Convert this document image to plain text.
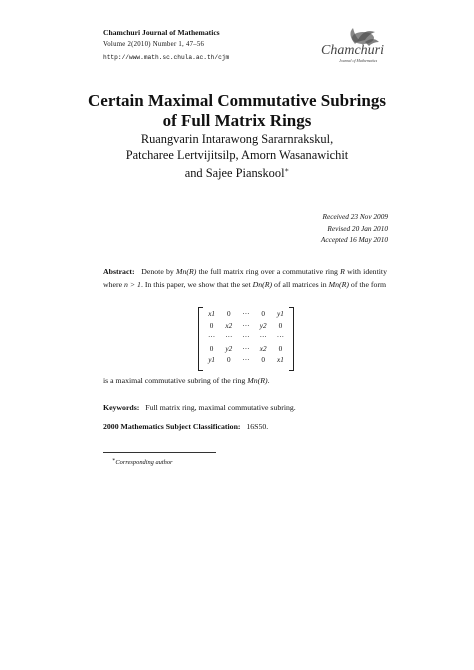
Chamchuri Journal of Mathematics
Volume 2(2010) Number 1, 47–56
http://www.math.sc.chula.ac.th/cjm	Chamchuri
Journal of Mathematics
Certain Maximal Commutative Subrings
of Full Matrix Rings
Ruangvarin Intarawong Sararnrakskul,
Patcharee Lertvijitsilp, Amorn Wasanawichit
and Sajee Pianskool∗
Received 23 Nov 2009
Revised 20 Jan 2010
Accepted 16 May 2010
Abstract: Denote by Mn(R) the full matrix ring over a commutative ring R with identity where n > 1. In this paper, we show that the set Dn(R) of all matrices in Mn(R) of the form
x1	0	···	0	y1
0	x2	···	y2	0
···	···	···	···	···
0	y2	···	x2	0
y1	0	···	0	x1
is a maximal commutative subring of the ring Mn(R).
Keywords: Full matrix ring, maximal commutative subring.
2000 Mathematics Subject Classification: 16S50.
∗Corresponding author
